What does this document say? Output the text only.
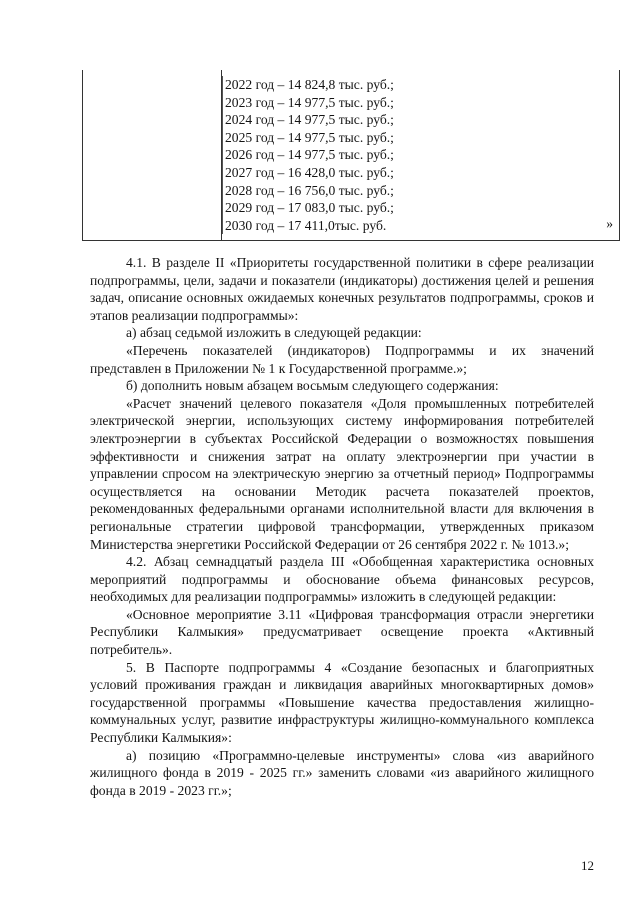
2022 год – 14 824,8 тыс. руб.;
2023 год – 14 977,5 тыс. руб.;
2024 год – 14 977,5 тыс. руб.;
2025 год – 14 977,5 тыс. руб.;
2026 год – 14 977,5 тыс. руб.;
2027 год – 16 428,0 тыс. руб.;
2028 год – 16 756,0 тыс. руб.;
2029 год – 17 083,0 тыс. руб.;
2030 год – 17 411,0тыс. руб.	»

4.1. В разделе II «Приоритеты государственной политики в сфере реализации подпрограммы, цели, задачи и показатели (индикаторы) достижения целей и решения задач, описание основных ожидаемых конечных результатов подпрограммы, сроков и этапов реализации подпрограммы»:

а) абзац седьмой изложить в следующей редакции:

«Перечень показателей (индикаторов) Подпрограммы и их значений представлен в Приложении № 1 к Государственной программе.»;

б) дополнить новым абзацем восьмым следующего содержания:

«Расчет значений целевого показателя «Доля промышленных потребителей электрической энергии, использующих систему информирования потребителей электроэнергии в субъектах Российской Федерации о возможностях повышения эффективности и снижения затрат на оплату электроэнергии при участии в управлении спросом на электрическую энергию за отчетный период» Подпрограммы осуществляется на основании Методик расчета показателей проектов, рекомендованных федеральными органами исполнительной власти для включения в региональные стратегии цифровой трансформации, утвержденных приказом Министерства энергетики Российской Федерации от 26 сентября 2022 г. № 1013.»;

4.2. Абзац семнадцатый раздела III «Обобщенная характеристика основных мероприятий подпрограммы и обоснование объема финансовых ресурсов, необходимых для реализации подпрограммы» изложить в следующей редакции:

«Основное мероприятие 3.11 «Цифровая трансформация отрасли энергетики Республики Калмыкия» предусматривает освещение проекта «Активный потребитель».

5. В Паспорте подпрограммы 4 «Создание безопасных и благоприятных условий проживания граждан и ликвидация аварийных многоквартирных домов» государственной программы «Повышение качества предоставления жилищно-коммунальных услуг, развитие инфраструктуры жилищно-коммунального комплекса Республики Калмыкия»:

а) позицию «Программно-целевые инструменты» слова «из аварийного жилищного фонда в 2019 - 2025 гг.» заменить словами «из аварийного жилищного фонда в 2019 - 2023 гг.»;

12
